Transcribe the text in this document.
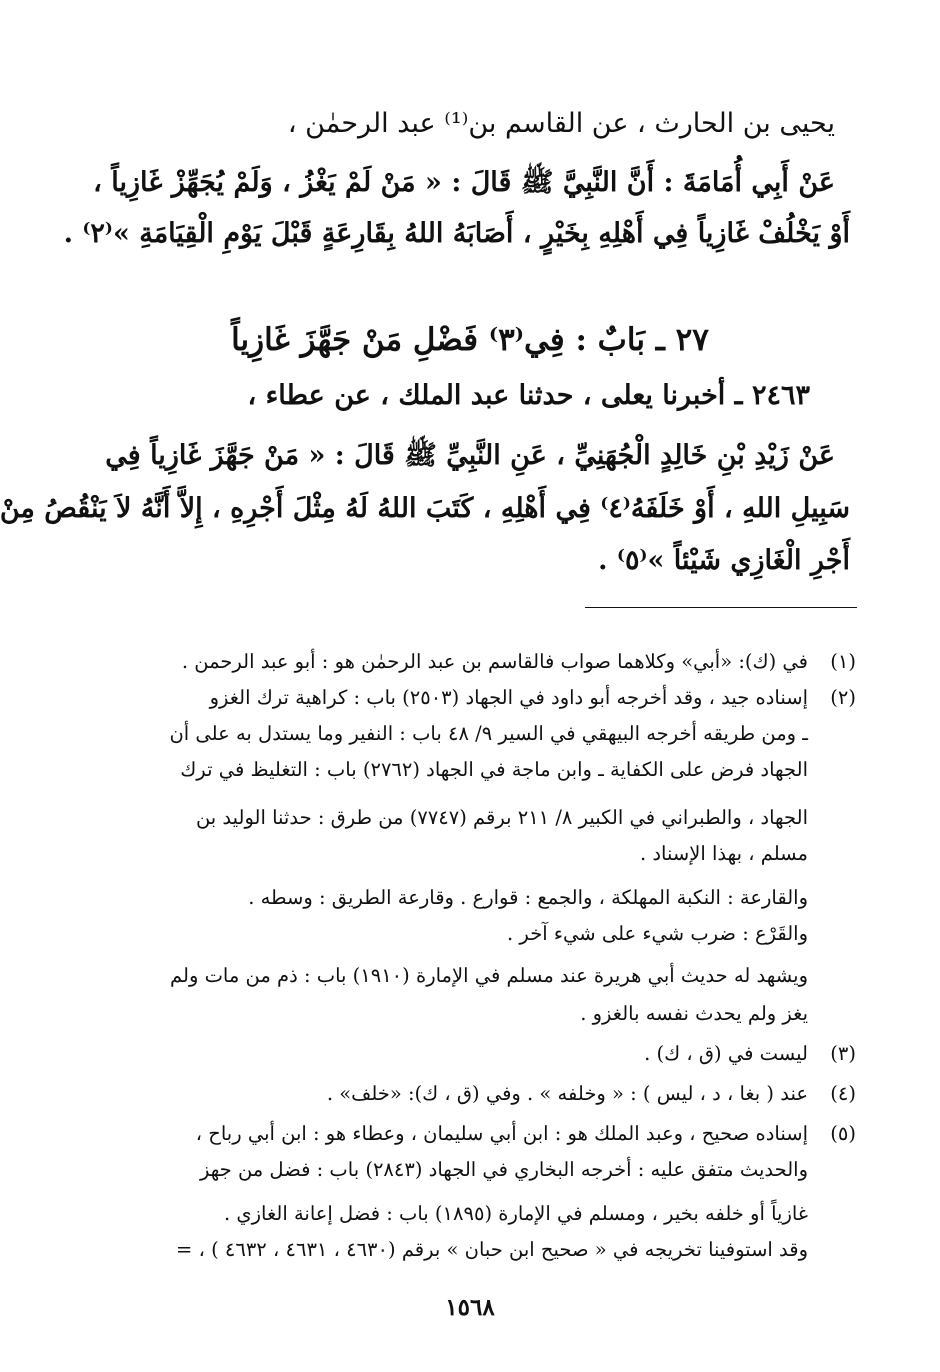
يحيى بن الحارث ، عن القاسم بن⁽¹⁾ عبد الرحمٰن ،
عَنْ أَبِي أُمَامَةَ : أَنَّ النَّبِيَّ ﷺ قَالَ : « مَنْ لَمْ يَغْزُ ، وَلَمْ يُجَهِّزْ غَازِياً ،
أَوْ يَخْلُفْ غَازِياً فِي أَهْلِهِ بِخَيْرٍ ، أَصَابَهُ اللهُ بِقَارِعَةٍ قَبْلَ يَوْمِ الْقِيَامَةِ »⁽٢⁾ .
٢٧ ـ بَابٌ : فِي⁽٣⁾ فَضْلِ مَنْ جَهَّزَ غَازِياً
٢٤٦٣ ـ أخبرنا يعلى ، حدثنا عبد الملك ، عن عطاء ،
عَنْ زَيْدِ بْنِ خَالِدٍ الْجُهَنِيِّ ، عَنِ النَّبِيِّ ﷺ قَالَ : « مَنْ جَهَّزَ غَازِياً فِي
سَبِيلِ اللهِ ، أَوْ خَلَفَهُ⁽٤⁾ فِي أَهْلِهِ ، كَتَبَ اللهُ لَهُ مِثْلَ أَجْرِهِ ، إِلاَّ أَنَّهُ لاَ يَنْقُصُ مِنْ
أَجْرِ الْغَازِي شَيْئاً »⁽٥⁾ .
(١)
في (ك): «أبي» وكلاهما صواب فالقاسم بن عبد الرحمٰن هو : أبو عبد الرحمن .
(٢)
إسناده جيد ، وقد أخرجه أبو داود في الجهاد (٢٥٠٣) باب : كراهية ترك الغزو
ـ ومن طريقه أخرجه البيهقي في السير ٩/ ٤٨ باب : النفير وما يستدل به على أن
الجهاد فرض على الكفاية ـ وابن ماجة في الجهاد (٢٧٦٢) باب : التغليظ في ترك
الجهاد ، والطبراني في الكبير ٨/ ٢١١ برقم (٧٧٤٧) من طرق : حدثنا الوليد بن
مسلم ، بهذا الإسناد .
والقارعة : النكبة المهلكة ، والجمع : قوارع . وقارعة الطريق : وسطه .
والقَرْع : ضرب شيء على شيء آخر .
ويشهد له حديث أبي هريرة عند مسلم في الإمارة (١٩١٠) باب : ذم من مات ولم
يغز ولم يحدث نفسه بالغزو .
(٣)
ليست في (ق ، ك) .
(٤)
عند ( بغا ، د ، ليس ) : « وخلفه » . وفي (ق ، ك): «خلف» .
(٥)
إسناده صحيح ، وعبد الملك هو : ابن أبي سليمان ، وعطاء هو : ابن أبي رباح ،
والحديث متفق عليه : أخرجه البخاري في الجهاد (٢٨٤٣) باب : فضل من جهز
غازياً أو خلفه بخير ، ومسلم في الإمارة (١٨٩٥) باب : فضل إعانة الغازي .
وقد استوفينا تخريجه في « صحيح ابن حبان » برقم (٤٦٣٠ ، ٤٦٣١ ، ٤٦٣٢ ) ، =
١٥٦٨
